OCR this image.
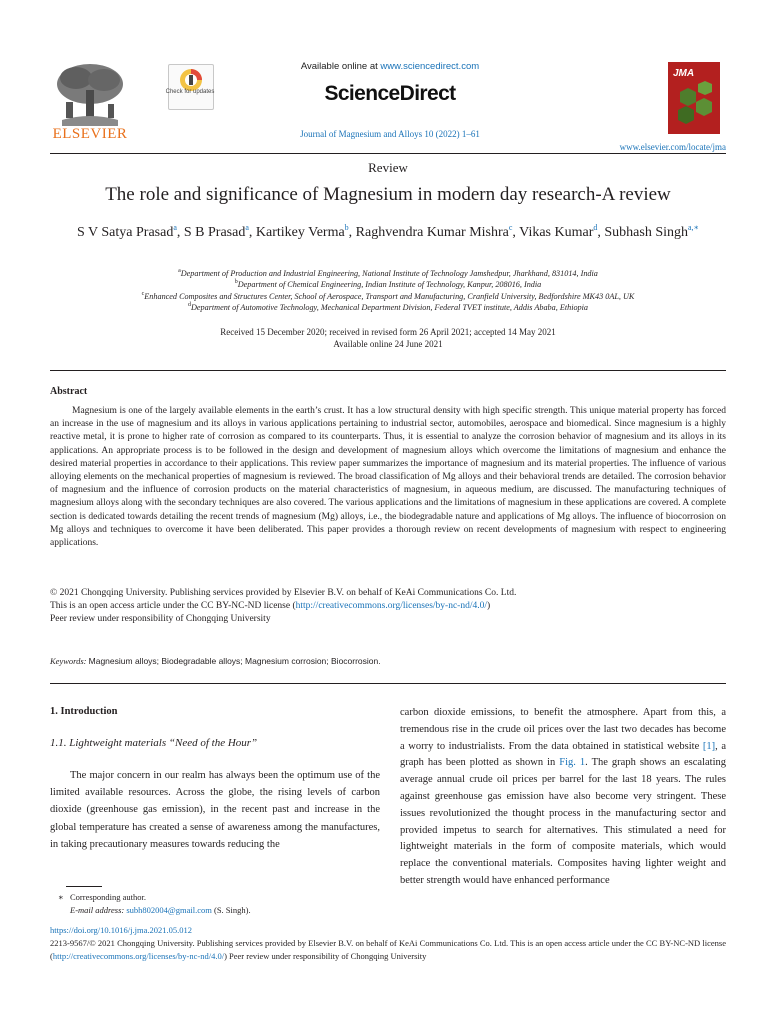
ELSEVIER
Check for updates
Available online at www.sciencedirect.com
ScienceDirect
Journal of Magnesium and Alloys 10 (2022) 1–61
JMA
www.elsevier.com/locate/jma
Review
The role and significance of Magnesium in modern day research-A review
S V Satya Prasad$^a$, S B Prasad$^a$, Kartikey Verma$^b$, Raghvendra Kumar Mishra$^c$, Vikas Kumar$^d$, Subhash Singh$^{a,∗}$
$^a$Department of Production and Industrial Engineering, National Institute of Technology Jamshedpur, Jharkhand, 831014, India
$^b$Department of Chemical Engineering, Indian Institute of Technology, Kanpur, 208016, India
$^c$Enhanced Composites and Structures Center, School of Aerospace, Transport and Manufacturing, Cranfield University, Bedfordshire MK43 0AL, UK
$^d$Department of Automotive Technology, Mechanical Department Division, Federal TVET institute, Addis Ababa, Ethiopia
Received 15 December 2020; received in revised form 26 April 2021; accepted 14 May 2021
Available online 24 June 2021
Abstract
Magnesium is one of the largely available elements in the earth’s crust. It has a low structural density with high specific strength. This unique material property has forced an increase in the use of magnesium and its alloys in various applications pertaining to industrial sector, automobiles, aerospace and biomedical. Since magnesium is a highly reactive metal, it is prone to higher rate of corrosion as compared to its counterparts. Thus, it is essential to analyze the corrosion behavior of magnesium and its alloys in its applications. An appropriate process is to be followed in the design and development of magnesium alloys which overcome the limitations of magnesium and enhance the desired material properties in accordance to their applications. This review paper summarizes the importance of magnesium and its material properties. The influence of various alloying elements on the mechanical properties of magnesium is reviewed. The broad classification of Mg alloys and their behavioral trends are detailed. The corrosion behavior of magnesium and the influence of corrosion products on the material characteristics of magnesium, in aqueous medium, are discussed. The manufacturing techniques of magnesium alloys along with the secondary techniques are also covered. The various applications and the limitations of magnesium in these applications are covered. A complete section is dedicated towards detailing the recent trends of magnesium (Mg) alloys, i.e., the biodegradable nature and applications of Mg alloys. The influence of biocorrosion on Mg alloys and techniques to overcome it have been deliberated. This paper provides a thorough review on recent developments of magnesium with respect to engineering applications.
© 2021 Chongqing University. Publishing services provided by Elsevier B.V. on behalf of KeAi Communications Co. Ltd.
This is an open access article under the CC BY-NC-ND license (http://creativecommons.org/licenses/by-nc-nd/4.0/)
Peer review under responsibility of Chongqing University
Keywords: Magnesium alloys; Biodegradable alloys; Magnesium corrosion; Biocorrosion.
1. Introduction
1.1. Lightweight materials “Need of the Hour”
The major concern in our realm has always been the optimum use of the limited available resources. Across the globe, the rising levels of carbon dioxide (greenhouse gas emission), in the recent past and increase in the global temperature has created a sense of awareness among the manufactures, in taking precautionary measures towards reducing the
carbon dioxide emissions, to benefit the atmosphere. Apart from this, a tremendous rise in the crude oil prices over the last two decades has become a worry to industrialists. From the data obtained in statistical website [1], a graph has been plotted as shown in Fig. 1. The graph shows an escalating average annual crude oil prices per barrel for the last 18 years. The rules against greenhouse gas emission have also become very stringent. These issues revolutionized the thought process in the manufacturing sector and provided impetus to search for alternatives. This stimulated a need for lightweight materials in the form of composite materials, which would replace the conventional materials. Composites having lighter weight and better strength would have enhanced performance
∗ Corresponding author.
E-mail address: subh802004@gmail.com (S. Singh).
https://doi.org/10.1016/j.jma.2021.05.012
2213-9567/© 2021 Chongqing University. Publishing services provided by Elsevier B.V. on behalf of KeAi Communications Co. Ltd. This is an open access article under the CC BY-NC-ND license (http://creativecommons.org/licenses/by-nc-nd/4.0/) Peer review under responsibility of Chongqing University
